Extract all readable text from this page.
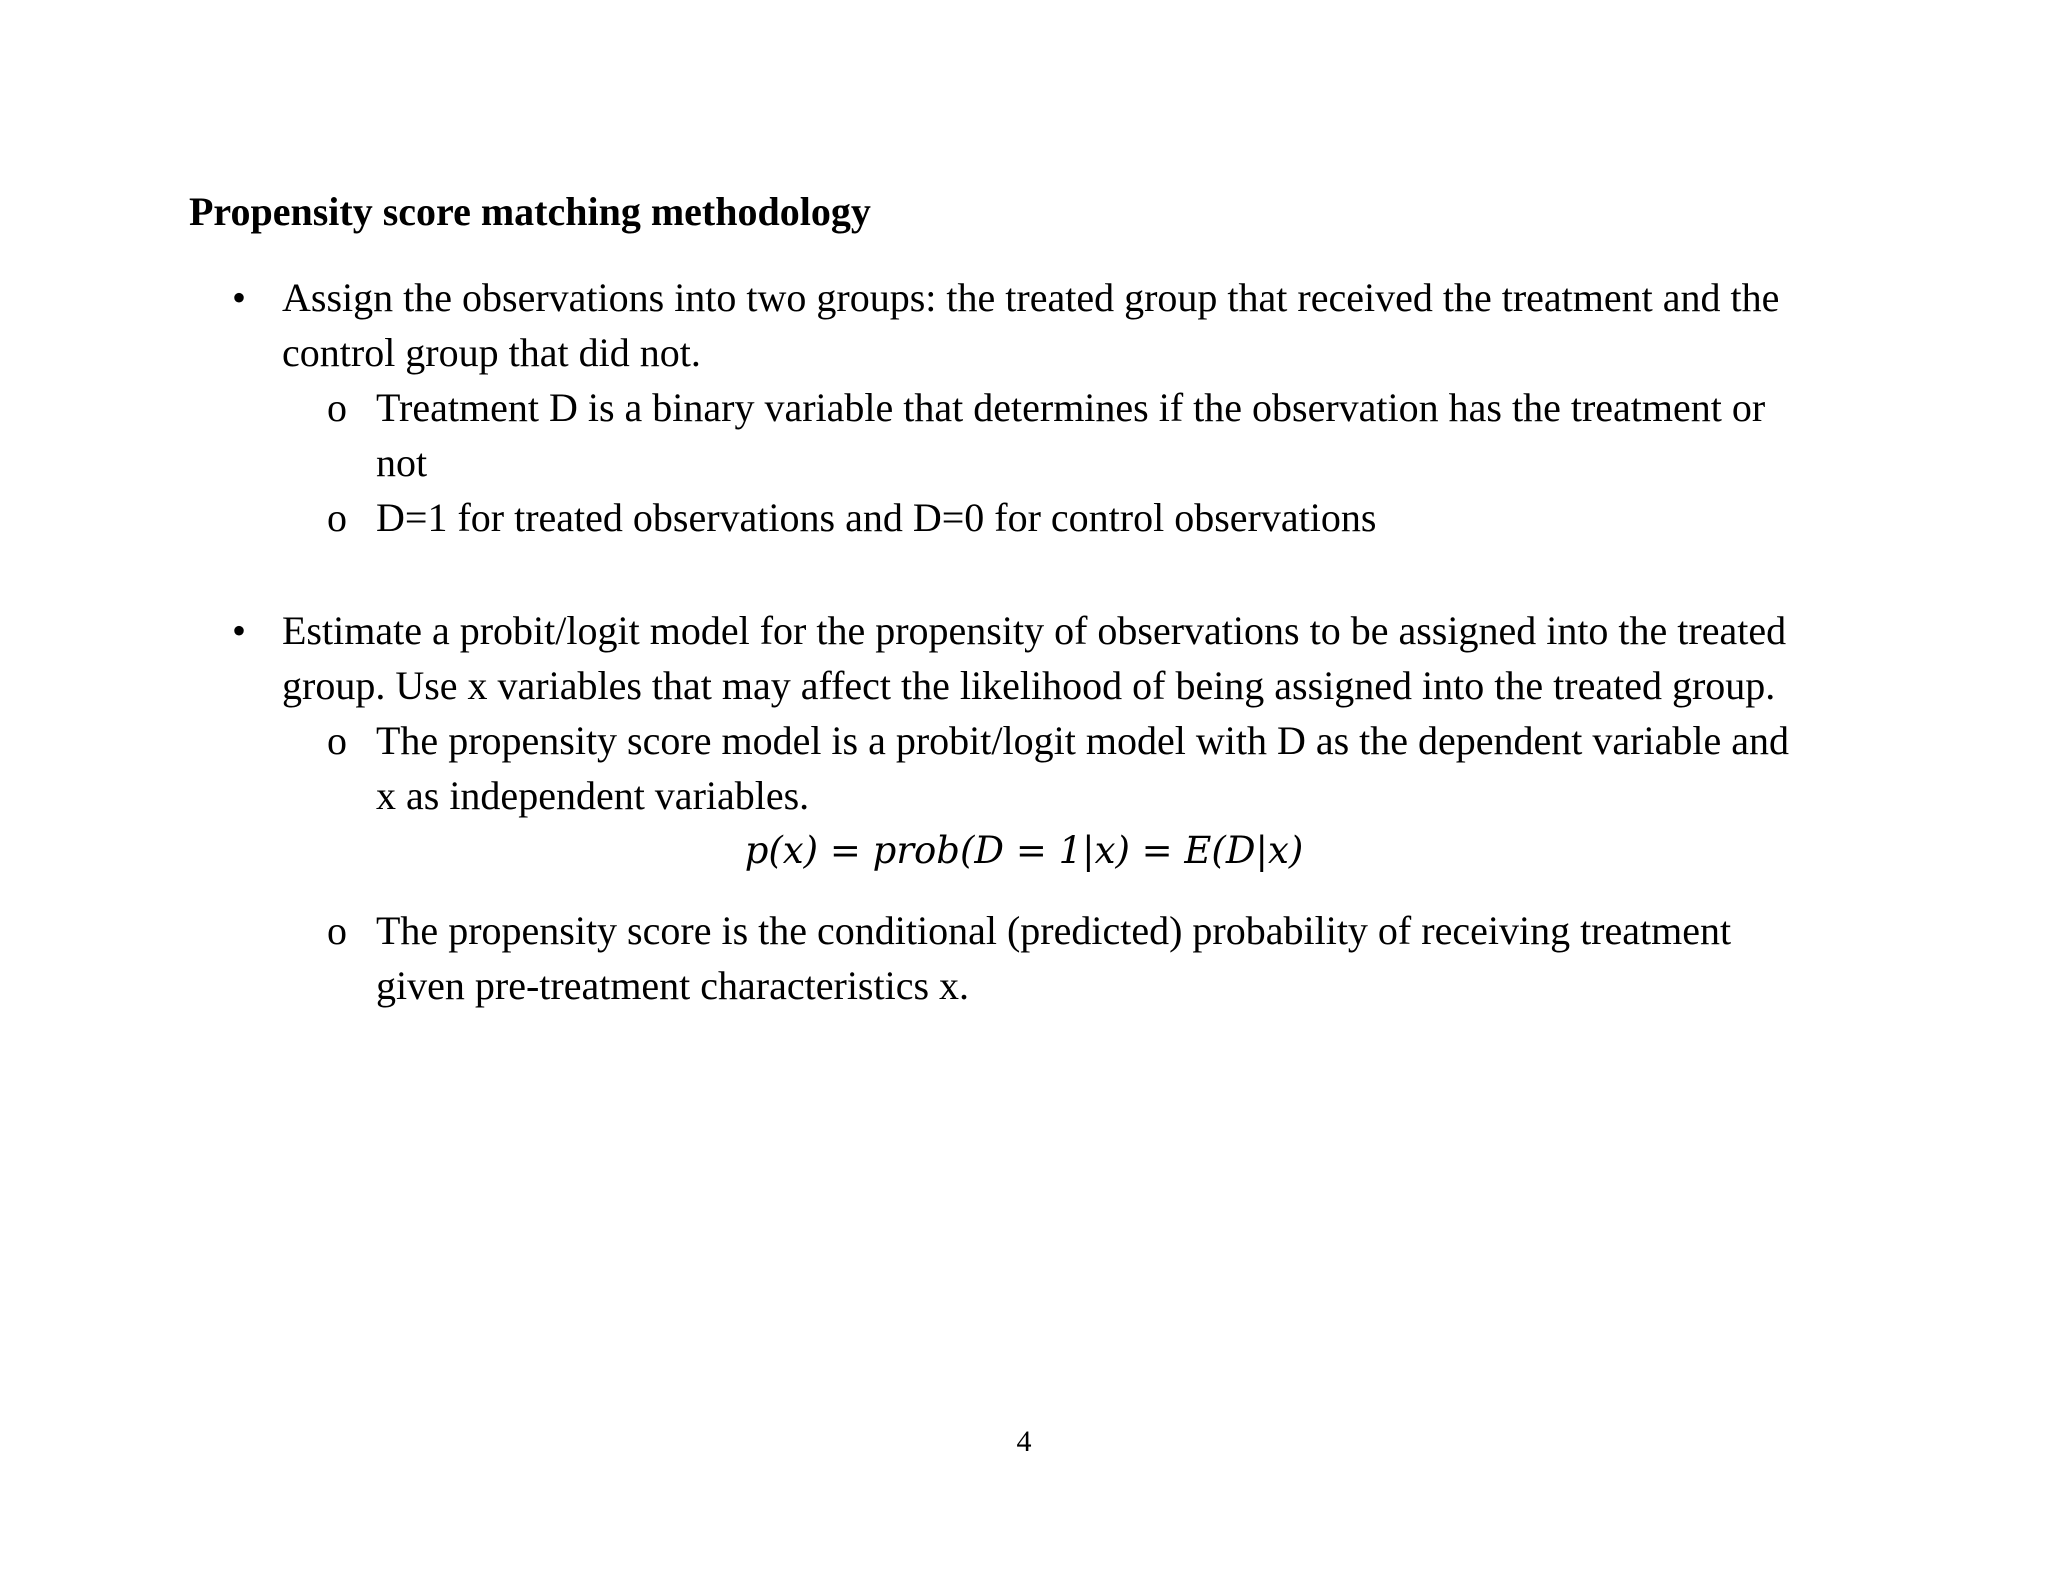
Propensity score matching methodology
• Assign the observations into two groups: the treated group that received the treatment and the
control group that did not.
o Treatment D is a binary variable that determines if the observation has the treatment or
not
o D=1 for treated observations and D=0 for control observations
• Estimate a probit/logit model for the propensity of observations to be assigned into the treated
group. Use x variables that may affect the likelihood of being assigned into the treated group.
o The propensity score model is a probit/logit model with D as the dependent variable and
x as independent variables.
p(x) = prob(D = 1|x) = E(D|x)
o The propensity score is the conditional (predicted) probability of receiving treatment
given pre-treatment characteristics x.
4
